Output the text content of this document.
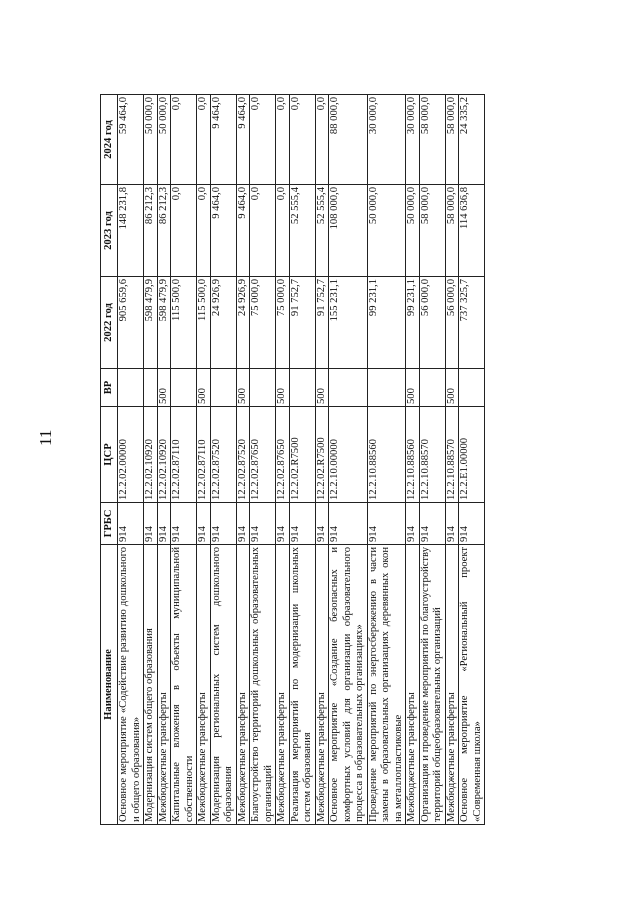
11
Наименование	ГРБС	ЦСР	ВР	2022 год	2023 год	2024 год
Основное мероприятие «Содействие развитию дошкольного и общего образования»	914	12.2.02.00000		905 659,6	148 231,8	59 464,0
Модернизация систем общего образования	914	12.2.02.10920		598 479,9	86 212,3	50 000,0
Межбюджетные трансферты	914	12.2.02.10920	500	598 479,9	86 212,3	50 000,0
Капитальные вложения в объекты муниципальной собственности	914	12.2.02.87110		115 500,0	0,0	0,0
Межбюджетные трансферты	914	12.2.02.87110	500	115 500,0	0,0	0,0
Модернизация региональных систем дошкольного образования	914	12.2.02.87520		24 926,9	9 464,0	9 464,0
Межбюджетные трансферты	914	12.2.02.87520	500	24 926,9	9 464,0	9 464,0
Благоустройство территорий дошкольных образовательных организаций	914	12.2.02.87650		75 000,0	0,0	0,0
Межбюджетные трансферты	914	12.2.02.87650	500	75 000,0	0,0	0,0
Реализация мероприятий по модернизации школьных систем образования	914	12.2.02.R7500		91 752,7	52 555,4	0,0
Межбюджетные трансферты	914	12.2.02.R7500	500	91 752,7	52 555,4	0,0
Основное мероприятие «Создание безопасных и комфортных условий для организации образовательного процесса в образовательных организациях»	914	12.2.10.00000		155 231,1	108 000,0	88 000,0
Проведение мероприятий по энергосбережению в части замены в образовательных организациях деревянных окон на металлопластиковые	914	12.2.10.88560		99 231,1	50 000,0	30 000,0
Межбюджетные трансферты	914	12.2.10.88560	500	99 231,1	50 000,0	30 000,0
Организация и проведение мероприятий по благоустройству территорий общеобразовательных организаций	914	12.2.10.88570		56 000,0	58 000,0	58 000,0
Межбюджетные трансферты	914	12.2.10.88570	500	56 000,0	58 000,0	58 000,0
Основное мероприятие «Региональный проект «Современная школа»	914	12.2.E1.00000		737 325,7	114 636,8	24 335,2
